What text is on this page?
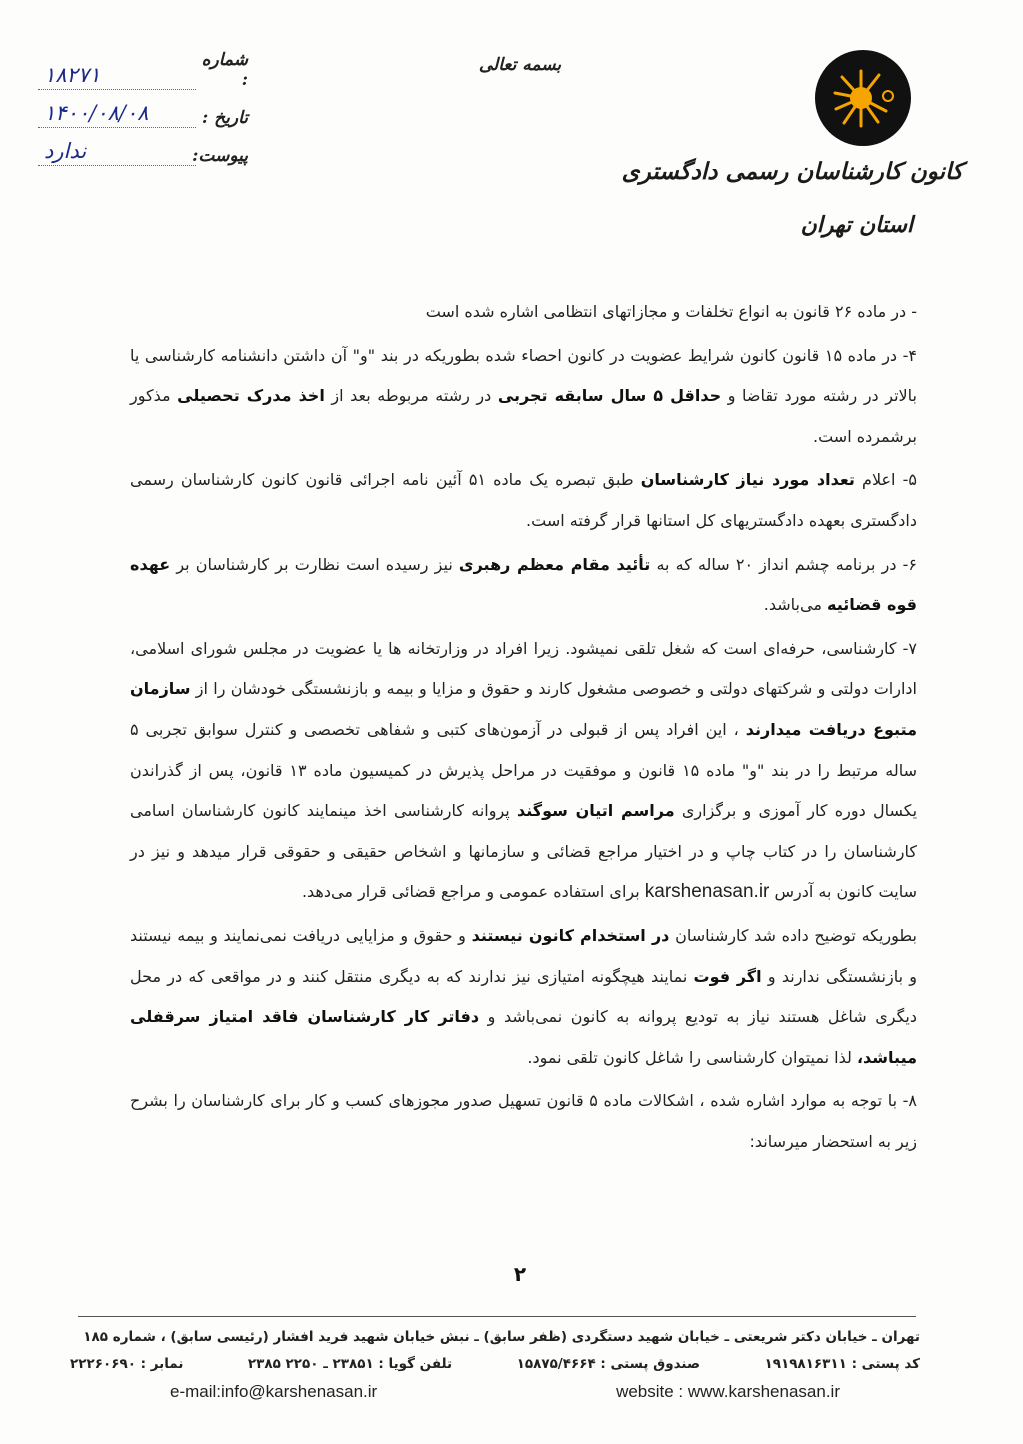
شماره :
۱۸۲۷۱
تاریخ :
۱۴۰۰/۰۸/۰۸
پیوست:
ندارد
بسمه تعالی
کانون کارشناسان رسمی دادگستری
استان تهران

- در ماده ۲۶ قانون به انواع تخلفات و مجازاتهای انتظامی اشاره شده است

۴- در ماده ۱۵ قانون کانون شرایط عضویت در کانون احصاء شده بطوریکه در بند "و" آن داشتن دانشنامه کارشناسی یا بالاتر در رشته مورد تقاضا و حداقل ۵ سال سابقه تجربی در رشته مربوطه بعد از اخذ مدرک تحصیلی مذکور برشمرده است.

۵- اعلام تعداد مورد نیاز کارشناسان طبق تبصره یک ماده ۵۱ آئین نامه اجرائی قانون کانون کارشناسان رسمی دادگستری بعهده دادگستریهای کل استانها قرار گرفته است.

۶- در برنامه چشم انداز ۲۰ ساله که به تأئید مقام معظم رهبری نیز رسیده است نظارت بر کارشناسان بر عهده قوه قضائیه می‌باشد.

۷- کارشناسی، حرفه‌ای است که شغل تلقی نمیشود. زیرا افراد در وزارتخانه ها یا عضویت در مجلس شورای اسلامی، ادارات دولتی و شرکتهای دولتی و خصوصی مشغول کارند و حقوق و مزایا و بیمه و بازنشستگی خودشان را از سازمان متبوع دریافت میدارند ، این افراد پس از قبولی در آزمون‌های کتبی و شفاهی تخصصی و کنترل سوابق تجربی ۵ ساله مرتبط را در بند "و" ماده ۱۵ قانون و موفقیت در مراحل پذیرش در کمیسیون ماده ۱۳ قانون، پس از گذراندن یکسال دوره کار آموزی و برگزاری مراسم اتیان سوگند پروانه کارشناسی اخذ مینمایند کانون کارشناسان اسامی کارشناسان را در کتاب چاپ و در اختیار مراجع قضائی و سازمانها و اشخاص حقیقی و حقوقی قرار میدهد و نیز در سایت کانون به آدرس karshenasan.ir برای استفاده عمومی و مراجع قضائی قرار می‌دهد.

بطوریکه توضیح داده شد کارشناسان در استخدام کانون نیستند و حقوق و مزایایی دریافت نمی‌نمایند و بیمه نیستند و بازنشستگی ندارند و اگر فوت نمایند هیچگونه امتیازی نیز ندارند که به دیگری منتقل کنند و در مواقعی که در محل دیگری شاغل هستند نیاز به تودیع پروانه به کانون نمی‌باشد و دفاتر کار کارشناسان فاقد امتیاز سرقفلی میباشد، لذا نمیتوان کارشناسی را شاغل کانون تلقی نمود.

۸- با توجه به موارد اشاره شده ، اشکالات ماده ۵ قانون تسهیل صدور مجوزهای کسب و کار برای کارشناسان را بشرح زیر به استحضار میرساند:

۲
تهران ـ خیابان دکتر شریعتی ـ خیابان شهید دستگردی (ظفر سابق) ـ نبش خیابان شهید فرید افشار (رئیسی سابق) ، شماره ۱۸۵
کد پستی : ۱۹۱۹۸۱۶۳۱۱
صندوق پستی : ۱۵۸۷۵/۴۶۶۴
تلفن گویا : ۲۳۸۵۱ ـ ۲۲۵۰ ۲۳۸۵
نمابر : ۲۲۲۶۰۶۹۰
e-mail:info@karshenasan.ir	website : www.karshenasan.ir
